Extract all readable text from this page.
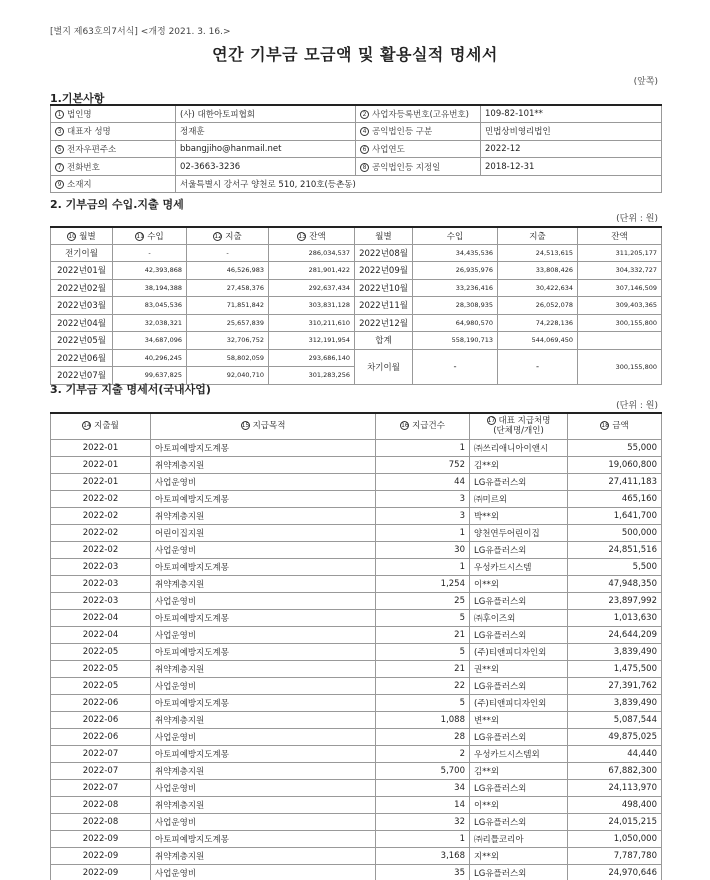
[별지 제63호의7서식] <개정 2021. 3. 16.>
연간 기부금 모금액 및 활용실적 명세서
(앞쪽)
1.기본사항
1 법인명	(사) 대한아토피협회	2 사업자등록번호(고유번호)	109-82-101**
3 대표자 성명	정재훈	4 공익법인등 구분	민법상비영리법인
5 전자우편주소	bbangjiho@hanmail.net	6 사업연도	2022-12
7 전화번호	02-3663-3236	8 공익법인등 지정일	2018-12-31
9 소재지	서울특별시 강서구 양천로 510, 210호(등촌동)		
2. 기부금의 수입.지출 명세
(단위 : 원)
10 월별	11 수입	12 지출	13 잔액	월별	수입	지출	잔액
전기이월	-	-	286,034,537	2022년08월	34,435,536	24,513,615	311,205,177
2022년01월	42,393,868	46,526,983	281,901,422	2022년09월	26,935,976	33,808,426	304,332,727
2022년02월	38,194,388	27,458,376	292,637,434	2022년10월	33,236,416	30,422,634	307,146,509
2022년03월	83,045,536	71,851,842	303,831,128	2022년11월	28,308,935	26,052,078	309,403,365
2022년04월	32,038,321	25,657,839	310,211,610	2022년12월	64,980,570	74,228,136	300,155,800
2022년05월	34,687,096	32,706,752	312,191,954	합계	558,190,713	544,069,450	
2022년06월	40,296,245	58,802,059	293,686,140	차기이월	-	-	300,155,800
2022년07월	99,637,825	92,040,710	301,283,256				
3. 기부금 지출 명세서(국내사업)
(단위 : 원)
14 지출월	15 지급목적	16 지급건수	17 대표 지급처명
(단체명/개인)	18 금액
2022-01	아토피예방지도계몽	1	㈜쓰리애니아이앤시	55,000
2022-01	취약계층지원	752	김**외	19,060,800
2022-01	사업운영비	44	LG유플러스외	27,411,183
2022-02	아토피예방지도계몽	3	㈜미르외	465,160
2022-02	취약계층지원	3	박**외	1,641,700
2022-02	어린이집지원	1	양천연두어린이집	500,000
2022-02	사업운영비	30	LG유플러스외	24,851,516
2022-03	아토피예방지도계몽	1	우성카드시스템	5,500
2022-03	취약계층지원	1,254	이**외	47,948,350
2022-03	사업운영비	25	LG유플러스외	23,897,992
2022-04	아토피예방지도계몽	5	㈜후이즈외	1,013,630
2022-04	사업운영비	21	LG유플러스외	24,644,209
2022-05	아토피예방지도계몽	5	(주)티앤피디자인외	3,839,490
2022-05	취약계층지원	21	권**외	1,475,500
2022-05	사업운영비	22	LG유플러스외	27,391,762
2022-06	아토피예방지도계몽	5	(주)티앤피디자인외	3,839,490
2022-06	취약계층지원	1,088	변**외	5,087,544
2022-06	사업운영비	28	LG유플러스외	49,875,025
2022-07	아토피예방지도계몽	2	우성카드시스템외	44,440
2022-07	취약계층지원	5,700	김**외	67,882,300
2022-07	사업운영비	34	LG유플러스외	24,113,970
2022-08	취약계층지원	14	이**외	498,400
2022-08	사업운영비	32	LG유플러스외	24,015,215
2022-09	아토피예방지도계몽	1	㈜리틀코리아	1,050,000
2022-09	취약계층지원	3,168	지**외	7,787,780
2022-09	사업운영비	35	LG유플러스외	24,970,646
